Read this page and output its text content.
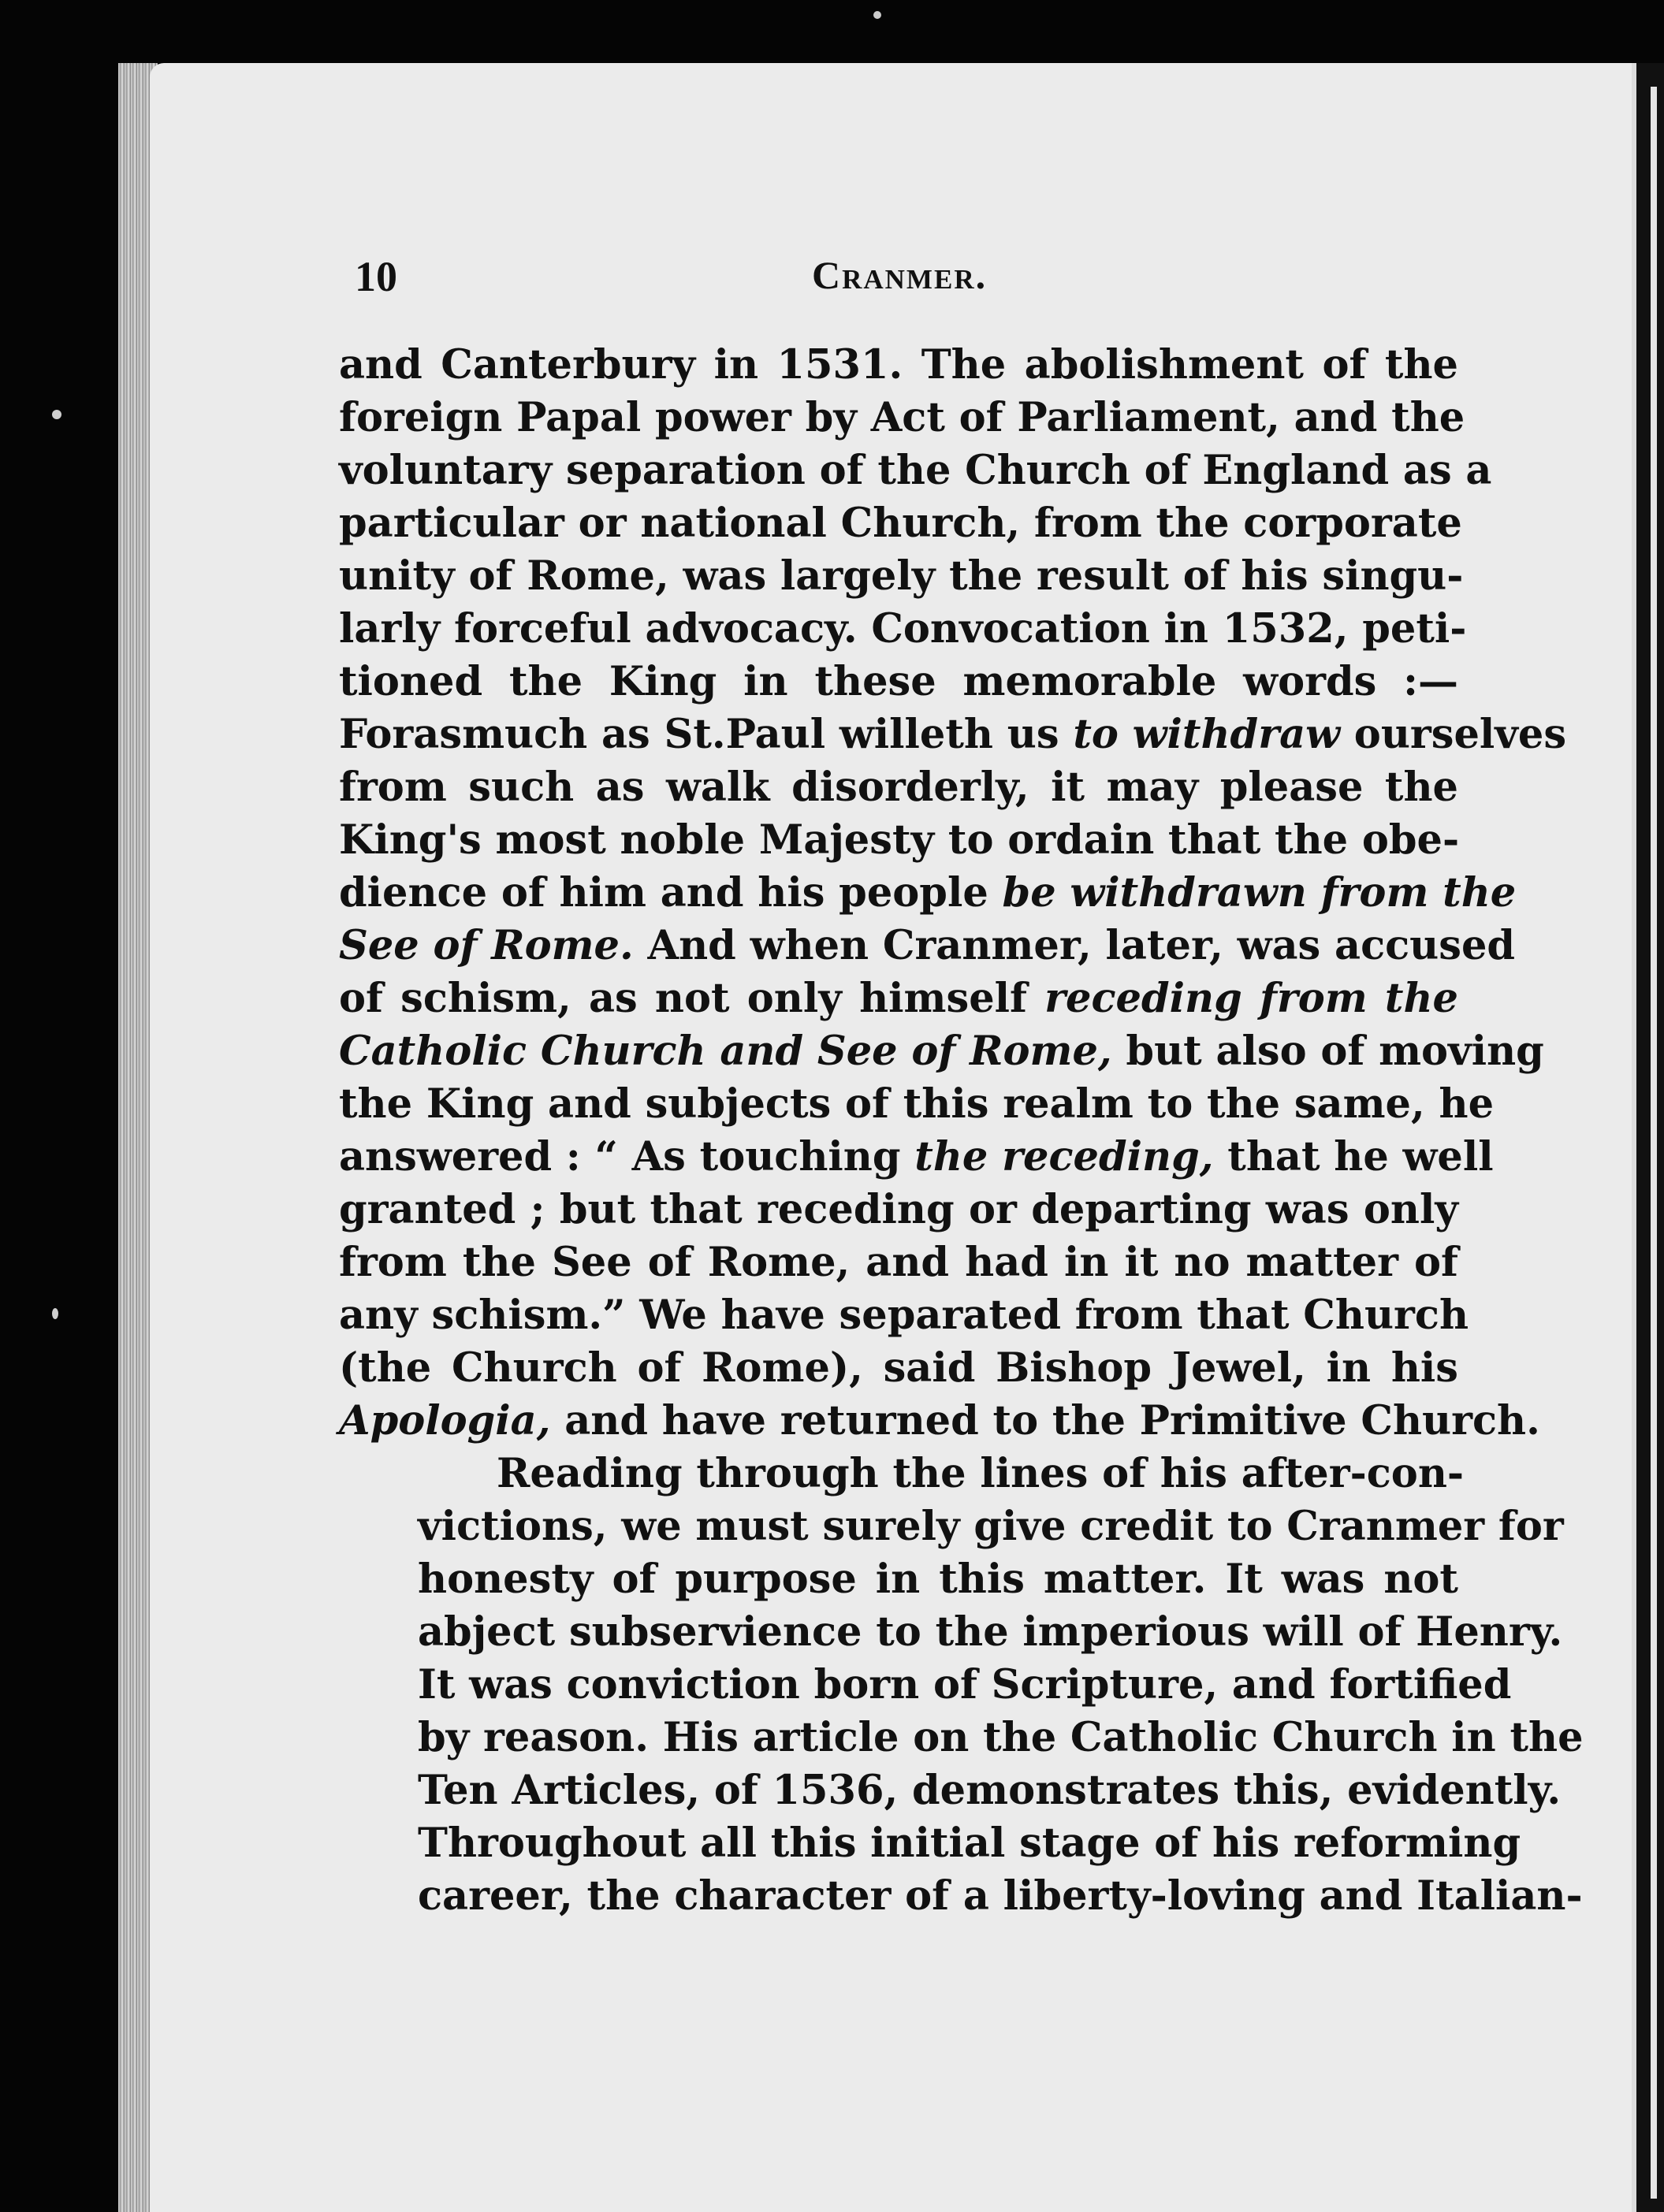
10	Cranmer.

and Canterbury in 1531. The abolishment of the
foreign Papal power by Act of Parliament, and the
voluntary separation of the Church of England as a
particular or national Church, from the corporate
unity of Rome, was largely the result of his singu-
larly forceful advocacy. Convocation in 1532, peti-
tioned the King in these memorable words :—
Forasmuch as St.Paul willeth us to withdraw ourselves
from such as walk disorderly, it may please the
King's most noble Majesty to ordain that the obe-
dience of him and his people be withdrawn from the
See of Rome. And when Cranmer, later, was accused
of schism, as not only himself receding from the
Catholic Church and See of Rome, but also of moving
the King and subjects of this realm to the same, he
answered : “ As touching the receding, that he well
granted ; but that receding or departing was only
from the See of Rome, and had in it no matter of
any schism.” We have separated from that Church
(the Church of Rome), said Bishop Jewel, in his
Apologia, and have returned to the Primitive Church.

Reading through the lines of his after-con-
victions, we must surely give credit to Cranmer for
honesty of purpose in this matter. It was not
abject subservience to the imperious will of Henry.
It was conviction born of Scripture, and fortified
by reason. His article on the Catholic Church in the
Ten Articles, of 1536, demonstrates this, evidently.
Throughout all this initial stage of his reforming
career, the character of a liberty-loving and Italian-
